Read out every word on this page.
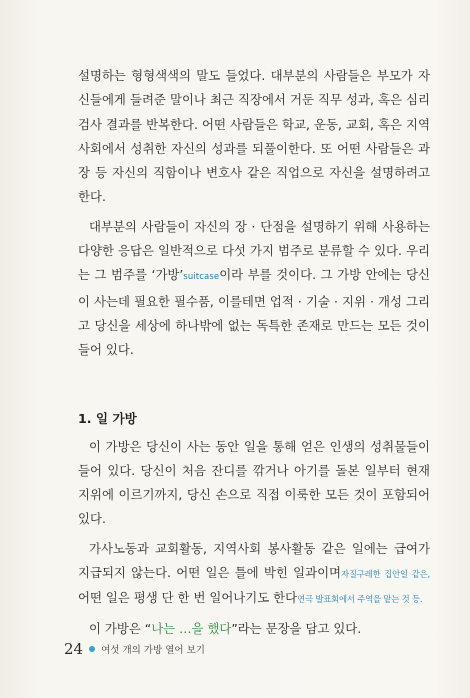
설명하는 형형색색의 말도 들었다. 대부분의 사람들은 부모가 자신들에게 들려준 말이나 최근 직장에서 거둔 직무 성과, 혹은 심리검사 결과를 반복한다. 어떤 사람들은 학교, 운동, 교회, 혹은 지역사회에서 성취한 자신의 성과를 되풀이한다. 또 어떤 사람들은 과장 등 자신의 직함이나 변호사 같은 직업으로 자신을 설명하려고 한다.

대부분의 사람들이 자신의 장 · 단점을 설명하기 위해 사용하는 다양한 응답은 일반적으로 다섯 가지 범주로 분류할 수 있다. 우리는 그 범주를 ‘가방’suitcase이라 부를 것이다. 그 가방 안에는 당신이 사는데 필요한 필수품, 이를테면 업적 · 기술 · 지위 · 개성 그리고 당신을 세상에 하나밖에 없는 독특한 존재로 만드는 모든 것이 들어 있다.

1. 일 가방

이 가방은 당신이 사는 동안 일을 통해 얻은 인생의 성취물들이 들어 있다. 당신이 처음 잔디를 깎거나 아기를 돌본 일부터 현재 지위에 이르기까지, 당신 손으로 직접 이룩한 모든 것이 포함되어 있다.

가사노동과 교회활동, 지역사회 봉사활동 같은 일에는 급여가 지급되지 않는다. 어떤 일은 틀에 박힌 일과이며자질구레한 집안일 같은, 어떤 일은 평생 단 한 번 일어나기도 한다연극 발표회에서 주역을 맡는 것 등.

이 가방은 “나는 …을 했다”라는 문장을 담고 있다.

24 여섯 개의 가방 열어 보기
